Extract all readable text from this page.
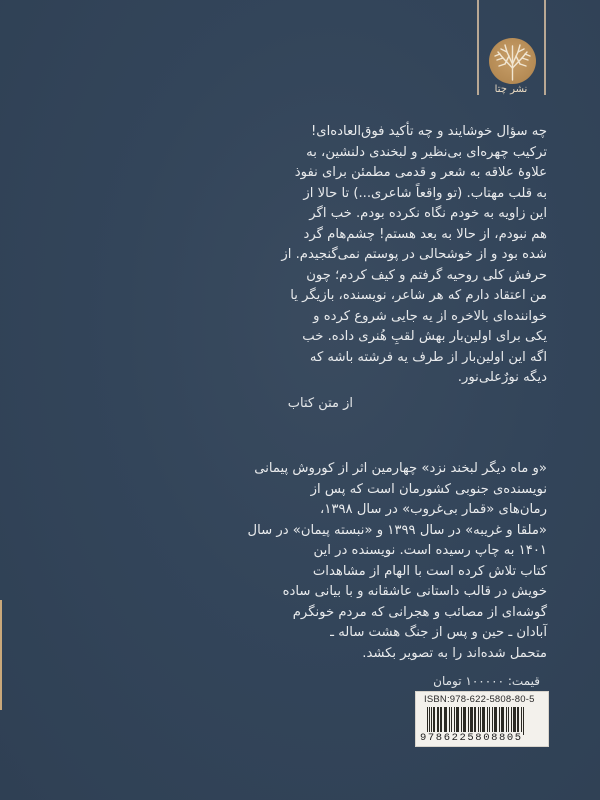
نشر چتا
چه سؤال خوشایند و چه تأکید فوق‌العاده‌ای!
ترکیب چهره‌ای بی‌نظیر و لبخندی دلنشین، به
علاوهٔ علاقه به شعر و قدمی مطمئن برای نفوذ
به قلب مهتاب. (تو واقعاً شاعری...) تا حالا از
این زاویه به خودم نگاه نکرده بودم. خب اگر
هم نبودم، از حالا به بعد هستم! چشم‌هام گرد
شده بود و از خوشحالی در پوستم نمی‌گنجیدم. از
حرفش کلی روحیه گرفتم و کیف کردم؛ چون
من اعتقاد دارم که هر شاعر، نویسنده، بازیگر یا
خواننده‌ای بالاخره از یه جایی شروع کرده و
یکی برای اولین‌بار بهش لقبِ هُنری داده. خب
اگه این اولین‌بار از طرف یه فرشته باشه که
دیگه نورٌعلی‌نور.
از متن کتاب
«و ماه دیگر لبخند نزد» چهارمین اثر از کوروش پیمانی
نویسنده‌ی جنوبی کشورمان است که پس از
رمان‌های «قمار بی‌غروب» در سال ۱۳۹۸،
«ملقا و غریبه» در سال ۱۳۹۹ و «نبسته پیمان» در سال
۱۴۰۱ به چاپ رسیده است. نویسنده در این
کتاب تلاش کرده است با الهام از مشاهدات
خویش در قالب داستانی عاشقانه و با بیانی ساده
گوشه‌ای از مصائب و هجرانی که مردم خونگرم
آبادان ـ حین و پس از جنگ هشت ساله ـ
متحمل شده‌اند را به تصویر بکشد.
قیمت: ۱۰۰۰۰۰ تومان
ISBN:978-622-5808-80-5
9786225808805
